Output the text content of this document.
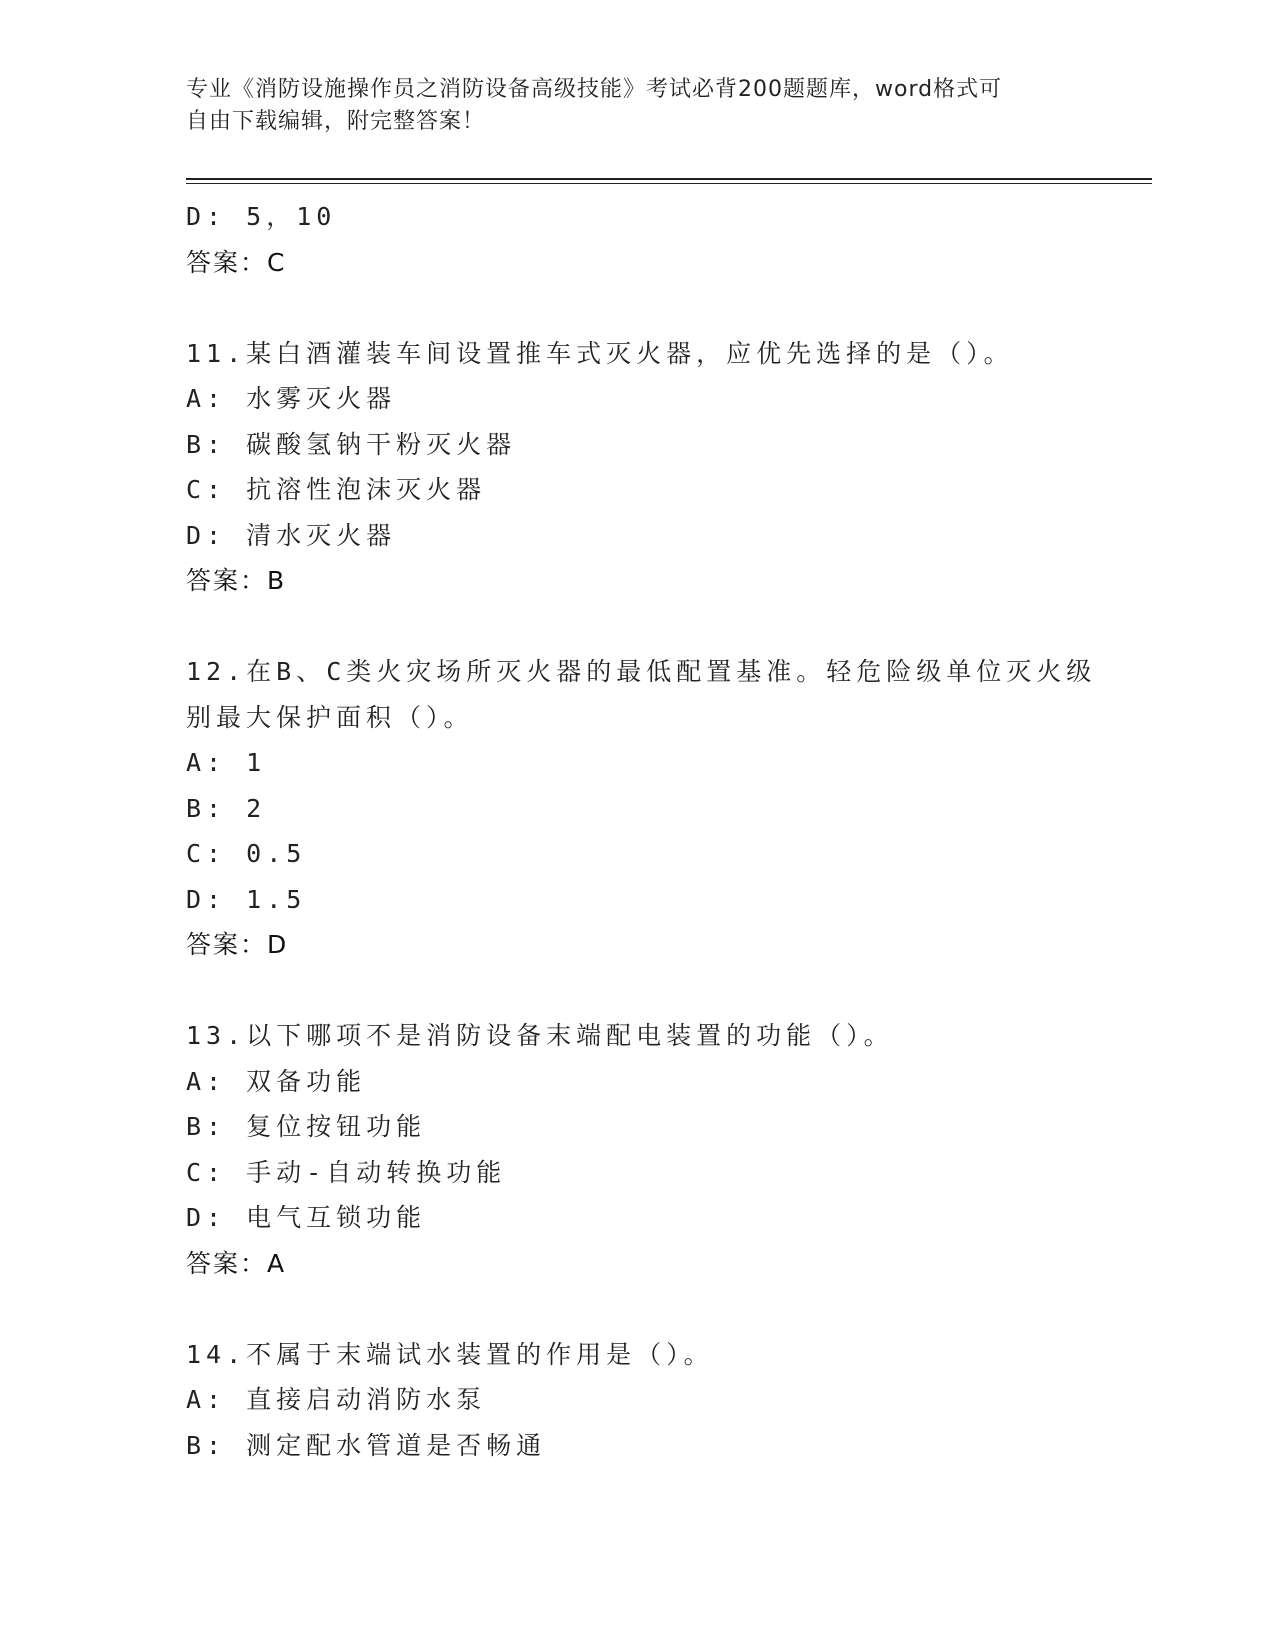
专业《消防设施操作员之消防设备高级技能》考试必背200题题库，word格式可
自由下载编辑，附完整答案！
D: 5，10
答案：C
11.某白酒灌装车间设置推车式灭火器，应优先选择的是（）。
A: 水雾灭火器
B: 碳酸氢钠干粉灭火器
C: 抗溶性泡沫灭火器
D: 清水灭火器
答案：B
12.在B、C类火灾场所灭火器的最低配置基准。轻危险级单位灭火级
别最大保护面积（）。
A: 1
B: 2
C: 0.5
D: 1.5
答案：D
13.以下哪项不是消防设备末端配电装置的功能（）。
A: 双备功能
B: 复位按钮功能
C: 手动-自动转换功能
D: 电气互锁功能
答案：A
14.不属于末端试水装置的作用是（）。
A: 直接启动消防水泵
B: 测定配水管道是否畅通
